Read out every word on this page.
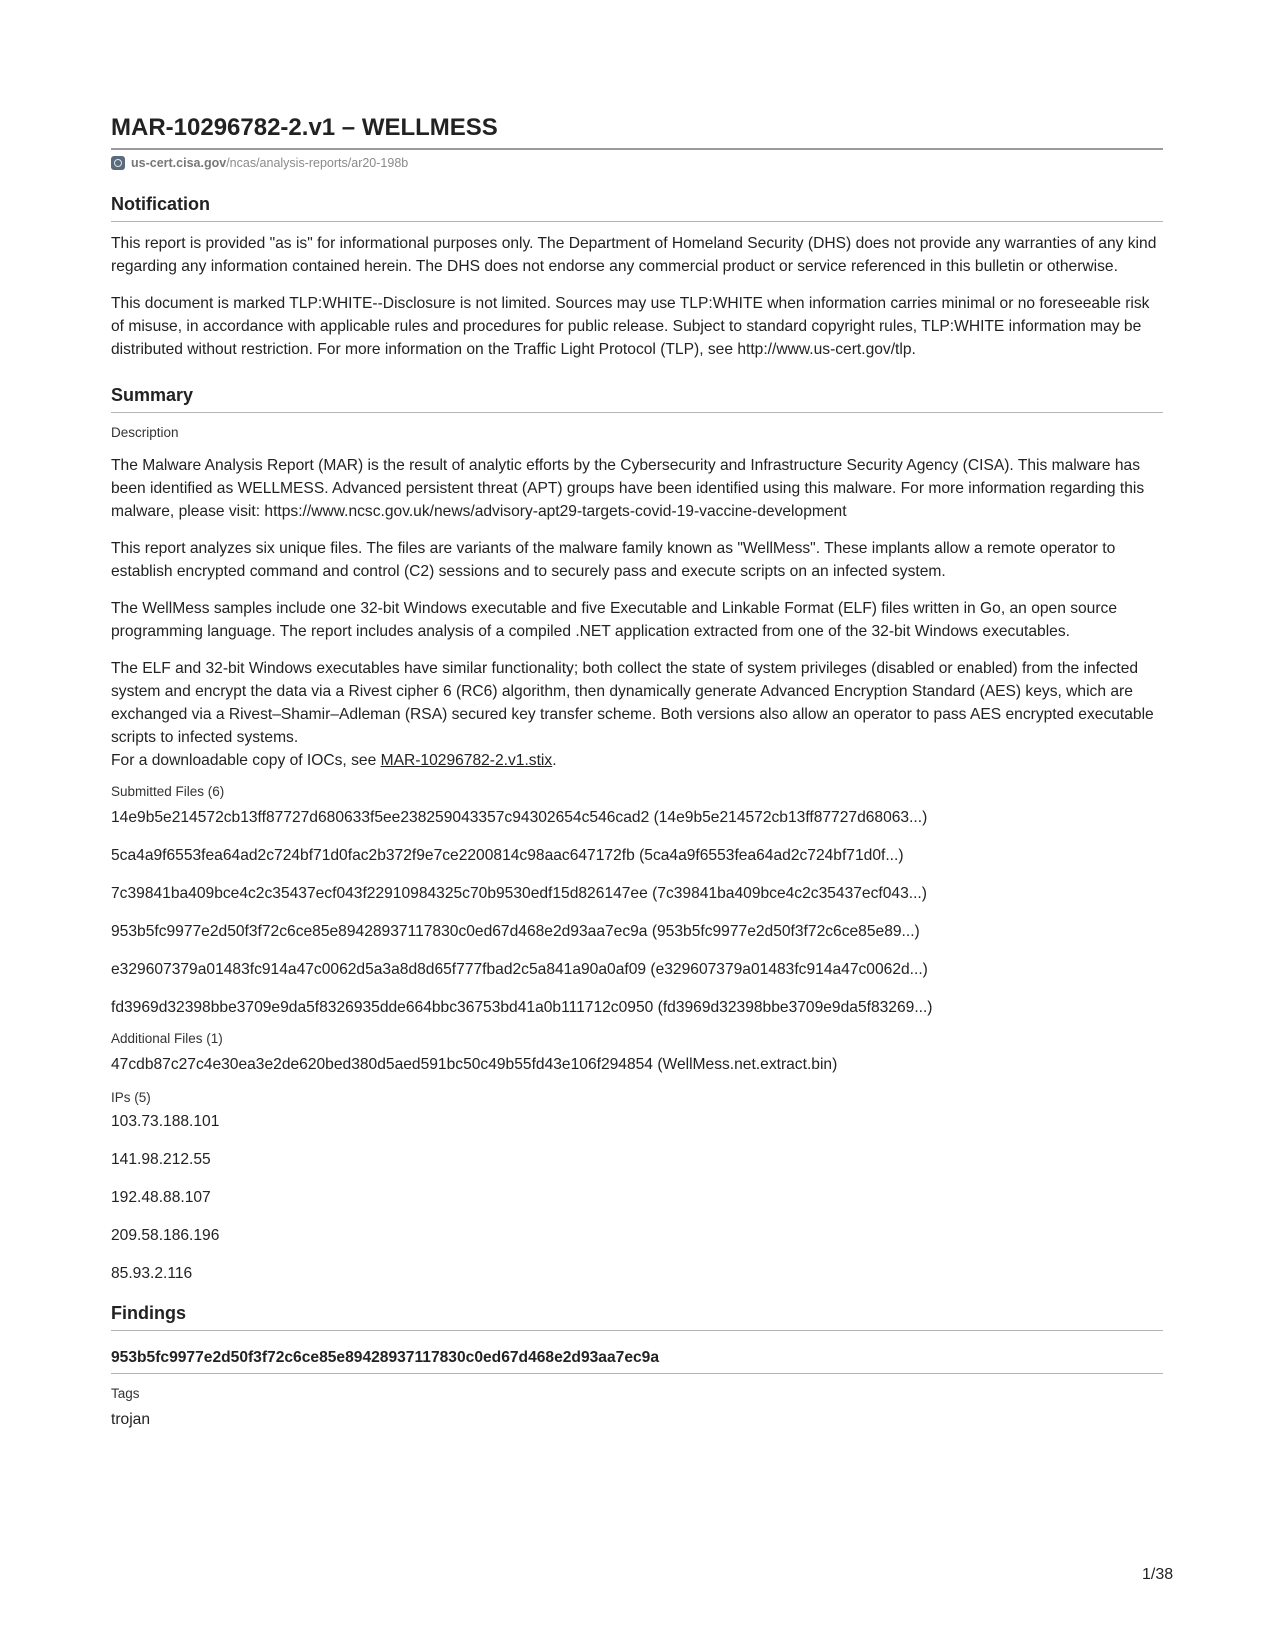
MAR-10296782-2.v1 – WELLMESS
us-cert.cisa.gov /ncas/analysis-reports/ar20-198b
Notification

This report is provided "as is" for informational purposes only. The Department of Homeland Security (DHS) does not provide any warranties of any kind regarding any information contained herein. The DHS does not endorse any commercial product or service referenced in this bulletin or otherwise.

This document is marked TLP:WHITE--Disclosure is not limited. Sources may use TLP:WHITE when information carries minimal or no foreseeable risk of misuse, in accordance with applicable rules and procedures for public release. Subject to standard copyright rules, TLP:WHITE information may be distributed without restriction. For more information on the Traffic Light Protocol (TLP), see http://www.us-cert.gov/tlp.

Summary
Description

The Malware Analysis Report (MAR) is the result of analytic efforts by the Cybersecurity and Infrastructure Security Agency (CISA). This malware has been identified as WELLMESS. Advanced persistent threat (APT) groups have been identified using this malware. For more information regarding this malware, please visit: https://www.ncsc.gov.uk/news/advisory-apt29-targets-covid-19-vaccine-development

This report analyzes six unique files. The files are variants of the malware family known as "WellMess". These implants allow a remote operator to establish encrypted command and control (C2) sessions and to securely pass and execute scripts on an infected system.

The WellMess samples include one 32-bit Windows executable and five Executable and Linkable Format (ELF) files written in Go, an open source programming language. The report includes analysis of a compiled .NET application extracted from one of the 32-bit Windows executables.

The ELF and 32-bit Windows executables have similar functionality; both collect the state of system privileges (disabled or enabled) from the infected system and encrypt the data via a Rivest cipher 6 (RC6) algorithm, then dynamically generate Advanced Encryption Standard (AES) keys, which are exchanged via a Rivest–Shamir–Adleman (RSA) secured key transfer scheme. Both versions also allow an operator to pass AES encrypted executable scripts to infected systems.
For a downloadable copy of IOCs, see MAR-10296782-2.v1.stix.

Submitted Files (6)
14e9b5e214572cb13ff87727d680633f5ee238259043357c94302654c546cad2 (14e9b5e214572cb13ff87727d68063...)
5ca4a9f6553fea64ad2c724bf71d0fac2b372f9e7ce2200814c98aac647172fb (5ca4a9f6553fea64ad2c724bf71d0f...)
7c39841ba409bce4c2c35437ecf043f22910984325c70b9530edf15d826147ee (7c39841ba409bce4c2c35437ecf043...)
953b5fc9977e2d50f3f72c6ce85e89428937117830c0ed67d468e2d93aa7ec9a (953b5fc9977e2d50f3f72c6ce85e89...)
e329607379a01483fc914a47c0062d5a3a8d8d65f777fbad2c5a841a90a0af09 (e329607379a01483fc914a47c0062d...)
fd3969d32398bbe3709e9da5f8326935dde664bbc36753bd41a0b111712c0950 (fd3969d32398bbe3709e9da5f83269...)
Additional Files (1)
47cdb87c27c4e30ea3e2de620bed380d5aed591bc50c49b55fd43e106f294854 (WellMess.net.extract.bin)
IPs (5)
103.73.188.101
141.98.212.55
192.48.88.107
209.58.186.196
85.93.2.116
Findings
953b5fc9977e2d50f3f72c6ce85e89428937117830c0ed67d468e2d93aa7ec9a
Tags
trojan
1/38
